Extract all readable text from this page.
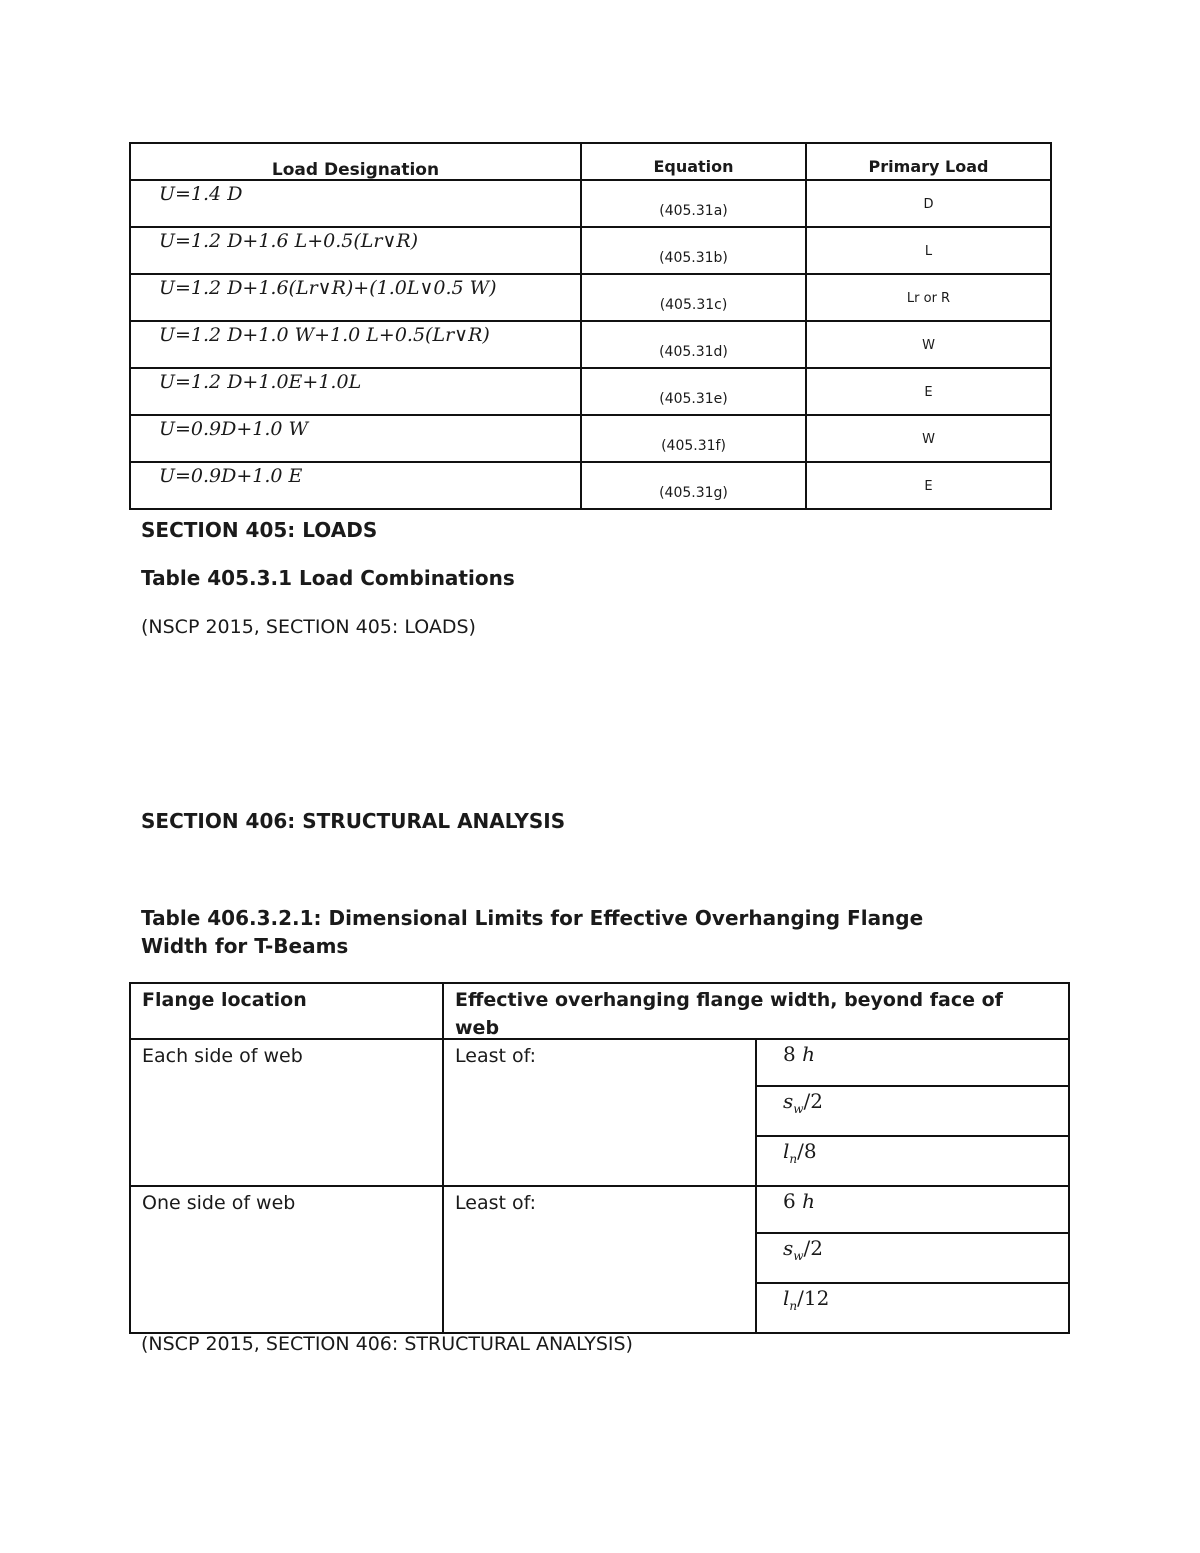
Load Designation	Equation	Primary Load

U=1.4 D	(405.31a)	D

U=1.2 D+1.6 L+0.5(Lr∨R)	(405.31b)	L

U=1.2 D+1.6(Lr∨R)+(1.0L∨0.5 W)	(405.31c)	Lr or R

U=1.2 D+1.0 W+1.0 L+0.5(Lr∨R)	(405.31d)	W

U=1.2 D+1.0E+1.0L	(405.31e)	E

U=0.9D+1.0 W	(405.31f)	W

U=0.9D+1.0 E	(405.31g)	E
SECTION 405: LOADS
Table 405.3.1 Load Combinations
(NSCP 2015, SECTION 405: LOADS)
SECTION 406: STRUCTURAL ANALYSIS
Table 406.3.2.1: Dimensional Limits for Effective Overhanging Flange
Width for T-Beams
Flange location	Effective overhanging flange width, beyond face of web	

Each side of web	Least of:	8 h

		$s_w/2$

		$l_n/8$

One side of web	Least of:	6 h

		$s_w/2$

		$l_n/12$
(NSCP 2015, SECTION 406: STRUCTURAL ANALYSIS)
